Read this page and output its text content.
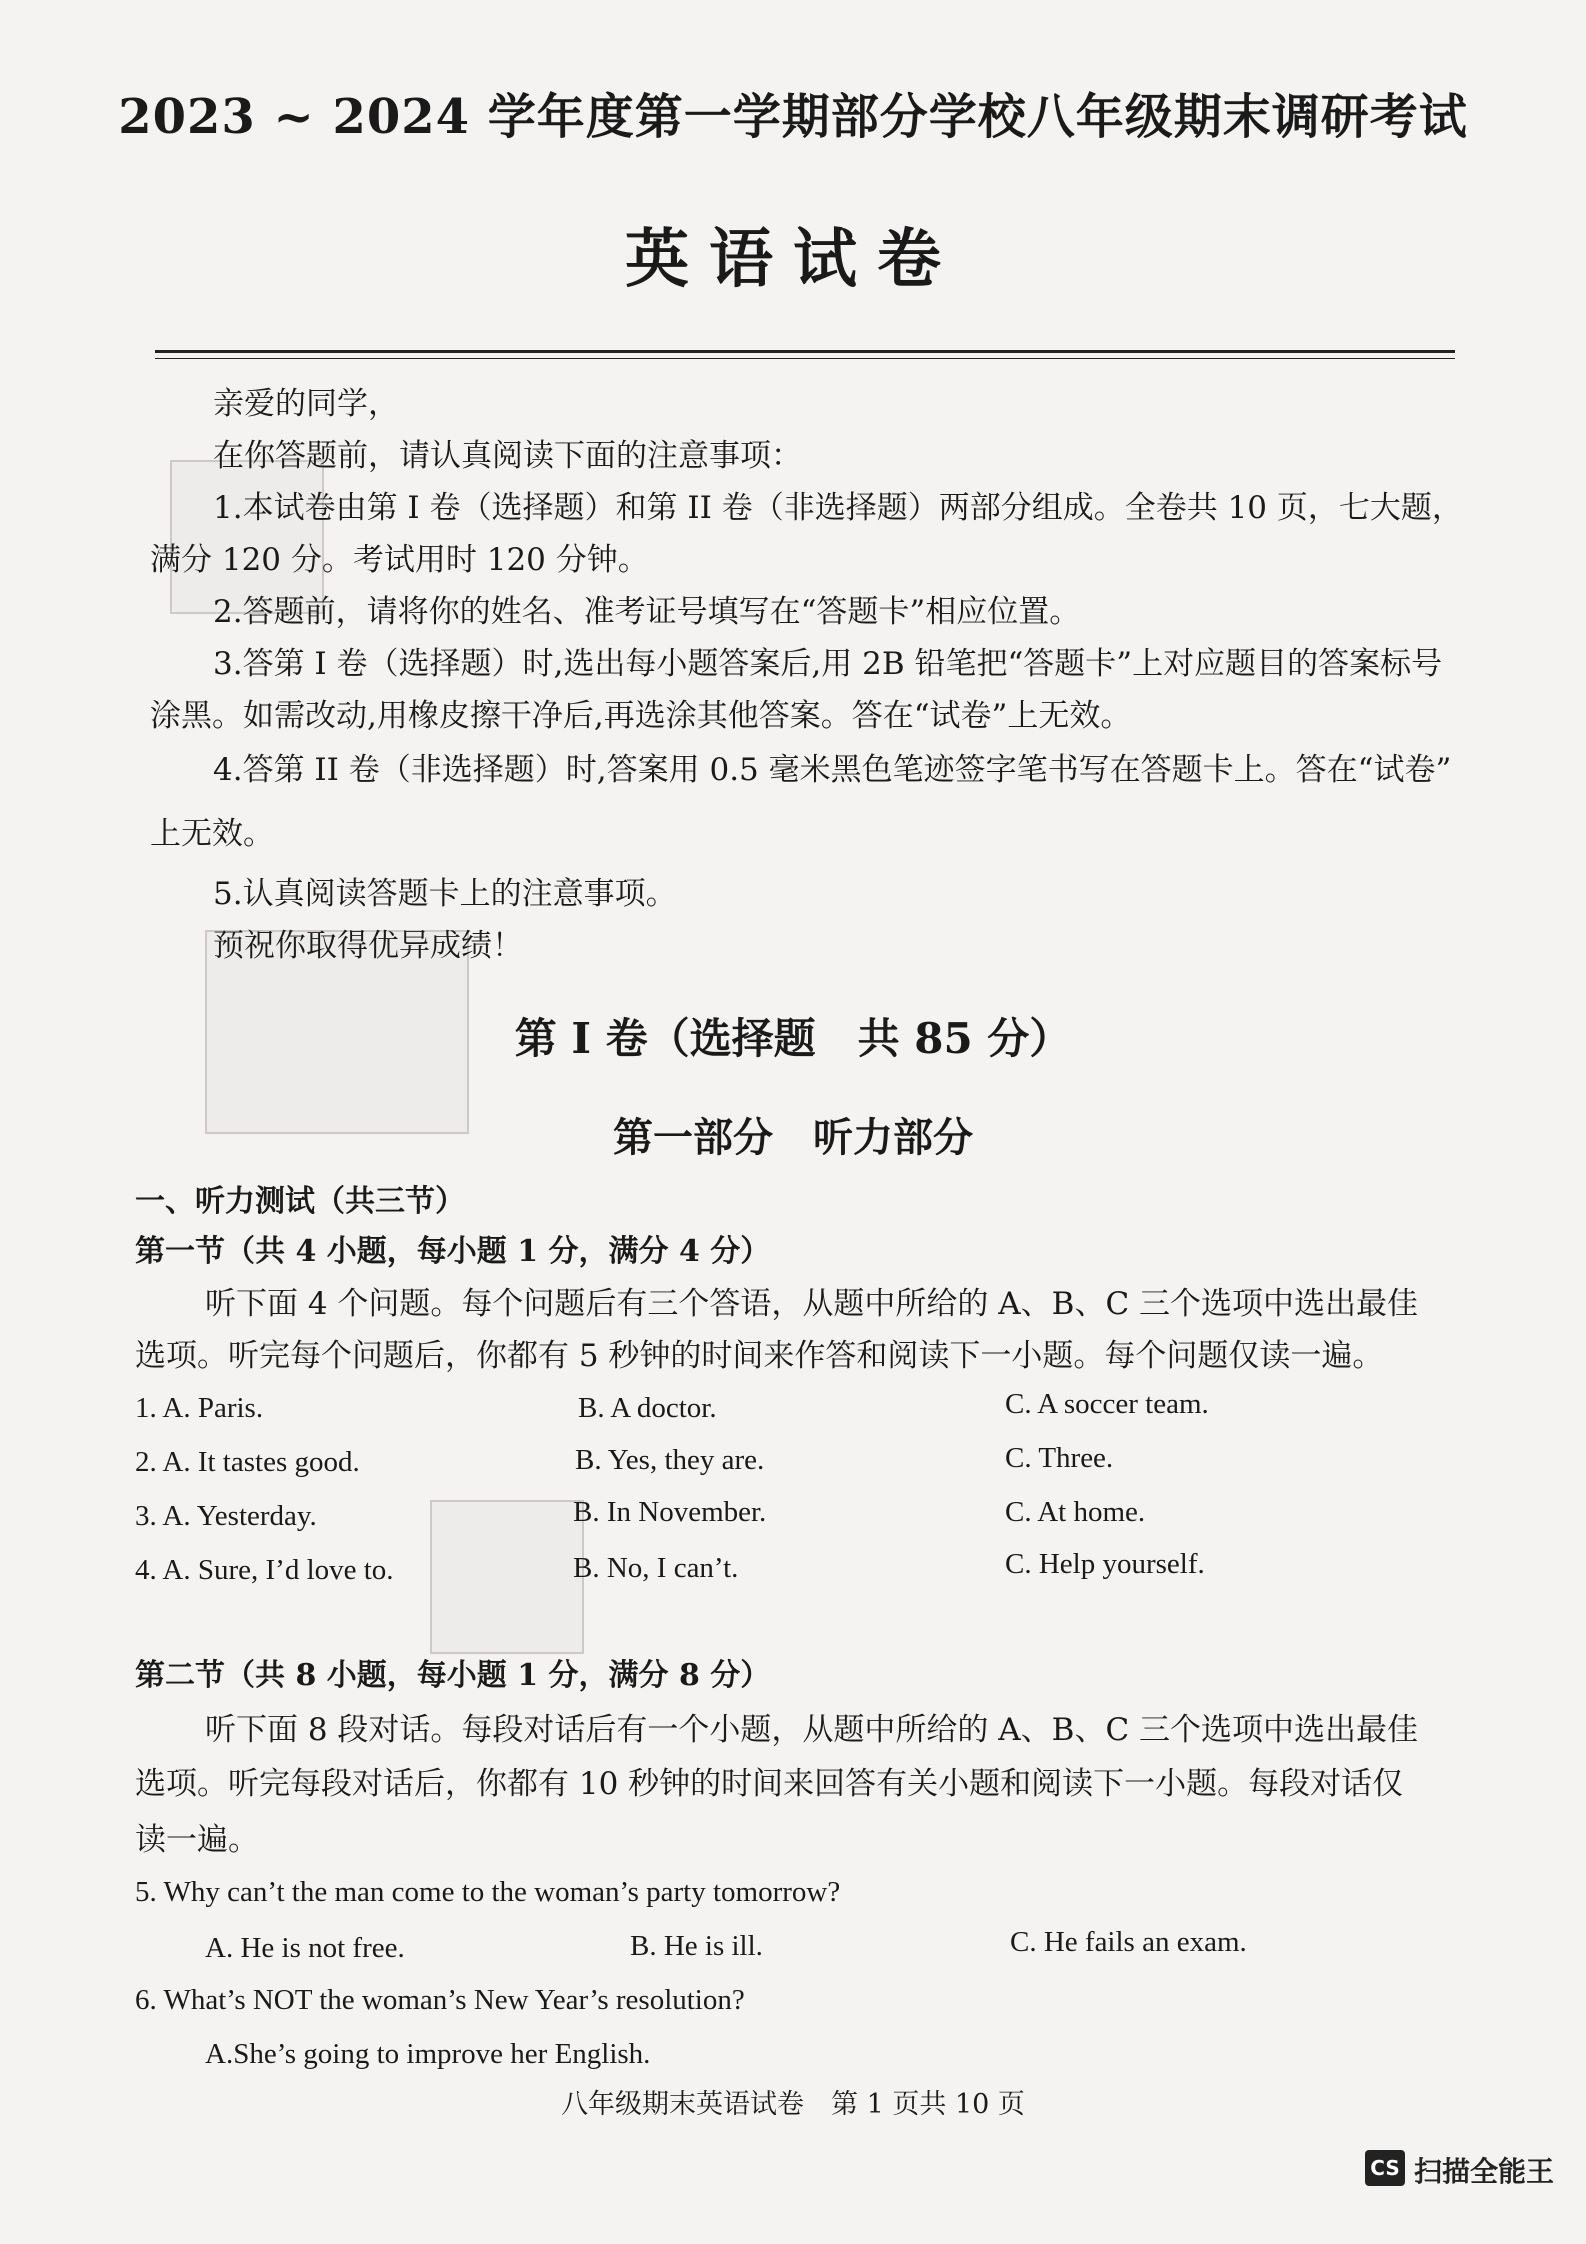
2023 ~ 2024 学年度第一学期部分学校八年级期末调研考试
英语试卷
亲爱的同学，
在你答题前，请认真阅读下面的注意事项：
1.本试卷由第 I 卷（选择题）和第 II 卷（非选择题）两部分组成。全卷共 10 页，七大题，
满分 120 分。考试用时 120 分钟。
2.答题前，请将你的姓名、准考证号填写在“答题卡”相应位置。
3.答第 I 卷（选择题）时,选出每小题答案后,用 2B 铅笔把“答题卡”上对应题目的答案标号
涂黑。如需改动,用橡皮擦干净后,再选涂其他答案。答在“试卷”上无效。
4.答第 II 卷（非选择题）时,答案用 0.5 毫米黑色笔迹签字笔书写在答题卡上。答在“试卷”
上无效。
5.认真阅读答题卡上的注意事项。
预祝你取得优异成绩！
第 I 卷（选择题　共 85 分）
第一部分　听力部分
一、听力测试（共三节）
第一节（共 4 小题，每小题 1 分，满分 4 分）
听下面 4 个问题。每个问题后有三个答语，从题中所给的 A、B、C 三个选项中选出最佳
选项。听完每个问题后，你都有 5 秒钟的时间来作答和阅读下一小题。每个问题仅读一遍。
1. A. Paris.	B. A doctor.	C. A soccer team.
2. A. It tastes good.	B. Yes, they are.	C. Three.
3. A. Yesterday.	B. In November.	C. At home.
4. A. Sure, I’d love to.	B. No, I can’t.	C. Help yourself.
第二节（共 8 小题，每小题 1 分，满分 8 分）
听下面 8 段对话。每段对话后有一个小题，从题中所给的 A、B、C 三个选项中选出最佳
选项。听完每段对话后，你都有 10 秒钟的时间来回答有关小题和阅读下一小题。每段对话仅
读一遍。
5. Why can’t the man come to the woman’s party tomorrow?
A. He is not free.	B. He is ill.	C. He fails an exam.
6. What’s NOT the woman’s New Year’s resolution?
A.She’s going to improve her English.
八年级期末英语试卷　第 1 页共 10 页
CS 扫描全能王
